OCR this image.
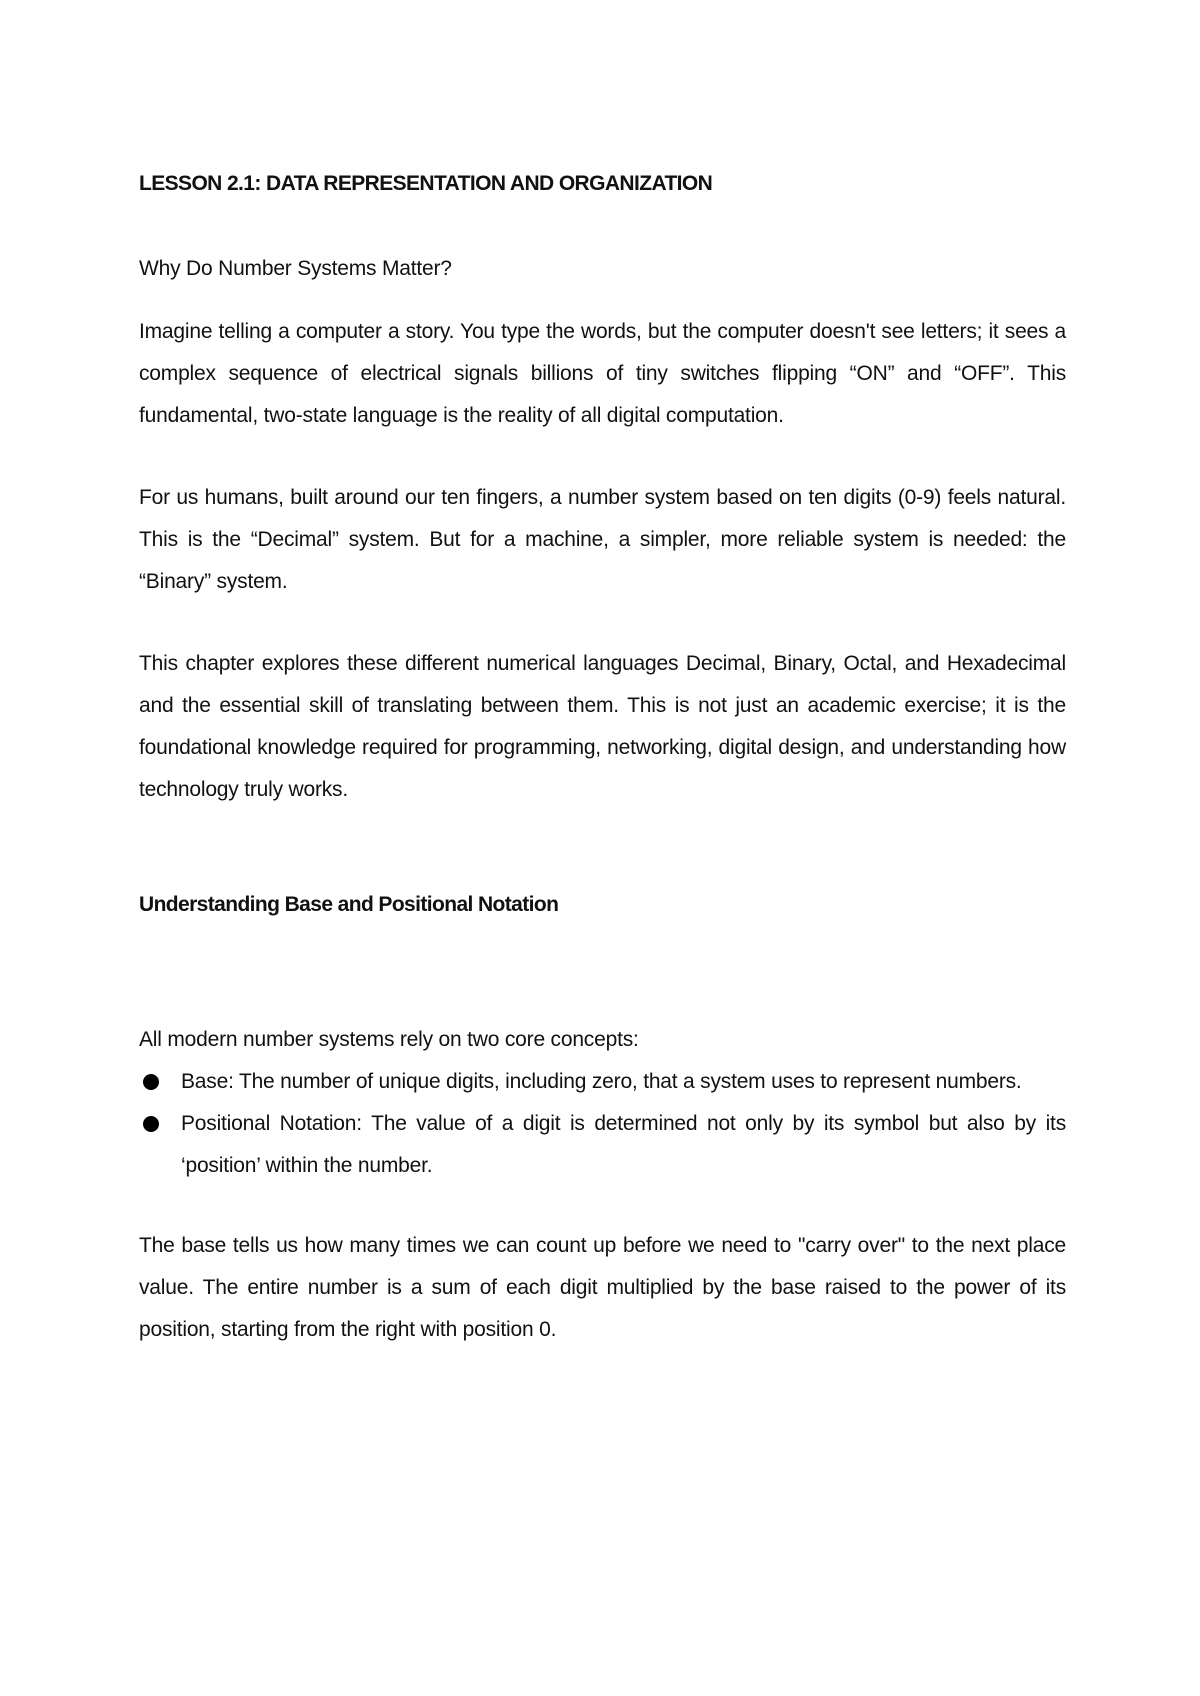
LESSON 2.1: DATA REPRESENTATION AND ORGANIZATION
Why Do Number Systems Matter?

Imagine telling a computer a story. You type the words, but the computer doesn't see letters; it sees a complex sequence of electrical signals billions of tiny switches flipping “ON” and “OFF”. This fundamental, two-state language is the reality of all digital computation.

For us humans, built around our ten fingers, a number system based on ten digits (0-9) feels natural. This is the “Decimal” system. But for a machine, a simpler, more reliable system is needed: the “Binary” system.

This chapter explores these different numerical languages Decimal, Binary, Octal, and Hexadecimal and the essential skill of translating between them. This is not just an academic exercise; it is the foundational knowledge required for programming, networking, digital design, and understanding how technology truly works.

Understanding Base and Positional Notation
All modern number systems rely on two core concepts:
Base: The number of unique digits, including zero, that a system uses to represent numbers.
Positional Notation: The value of a digit is determined not only by its symbol but also by its ‘position’ within the number.

The base tells us how many times we can count up before we need to "carry over" to the next place value. The entire number is a sum of each digit multiplied by the base raised to the power of its position, starting from the right with position 0.
